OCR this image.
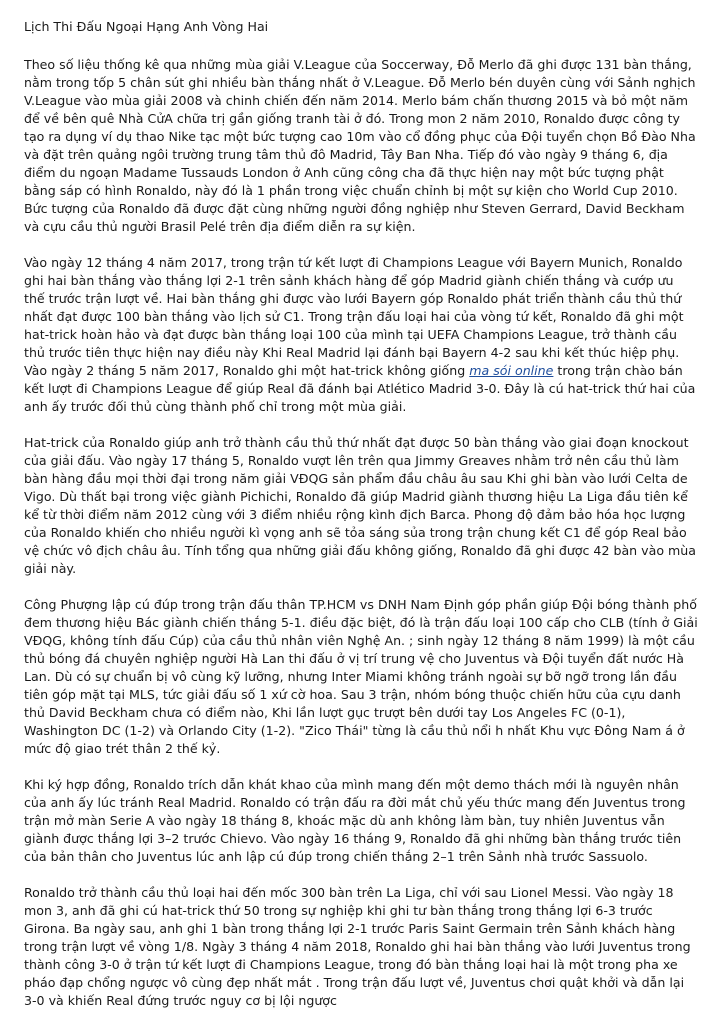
Lịch Thi Đấu Ngoại Hạng Anh Vòng Hai

Theo số liệu thống kê qua những mùa giải V.League của Soccerway, Đỗ Merlo đã ghi được 131 bàn thắng, nằm trong tốp 5 chân sút ghi nhiều bàn thắng nhất ở V.League. Đỗ Merlo bén duyên cùng với Sảnh nghịch V.League vào mùa giải 2008 và chinh chiến đến năm 2014. Merlo bám chấn thương 2015 và bỏ một năm để về bên quê Nhà CửA chữa trị gần giống tranh tài ở đó. Trong mon 2 năm 2010, Ronaldo được công ty tạo ra dụng ví dụ thao Nike tạc một bức tượng cao 10m vào cổ đồng phục của Đội tuyển chọn Bồ Đào Nha và đặt trên quảng ngôi trường trung tâm thủ đô Madrid, Tây Ban Nha. Tiếp đó vào ngày 9 tháng 6, địa điểm du ngoạn Madame Tussauds London ở Anh cũng công cha đã thực hiện nay một bức tượng phật bằng sáp có hình Ronaldo, này đó là 1 phần trong việc chuẩn chỉnh bị một sự kiện cho World Cup 2010. Bức tượng của Ronaldo đã được đặt cùng những người đồng nghiệp như Steven Gerrard, David Beckham và cựu cầu thủ người Brasil Pelé trên địa điểm diễn ra sự kiện.

Vào ngày 12 tháng 4 năm 2017, trong trận tứ kết lượt đi Champions League với Bayern Munich, Ronaldo ghi hai bàn thắng vào thắng lợi 2-1 trên sảnh khách hàng để góp Madrid giành chiến thắng và cướp ưu thế trước trận lượt về. Hai bàn thắng ghi được vào lưới Bayern góp Ronaldo phát triển thành cầu thủ thứ nhất đạt được 100 bàn thắng vào lịch sử C1. Trong trận đấu loại hai của vòng tứ kết, Ronaldo đã ghi một hat-trick hoàn hảo và đạt được bàn thắng loại 100 của mình tại UEFA Champions League, trở thành cầu thủ trước tiên thực hiện nay điều này Khi Real Madrid lại đánh bại Bayern 4-2 sau khi kết thúc hiệp phụ. Vào ngày 2 tháng 5 năm 2017, Ronaldo ghi một hat-trick không giống ma sói online trong trận chào bán kết lượt đi Champions League để giúp Real đã đánh bại Atlético Madrid 3-0. Đây là cú hat-trick thứ hai của anh ấy trước đối thủ cùng thành phố chỉ trong một mùa giải.

Hat-trick của Ronaldo giúp anh trở thành cầu thủ thứ nhất đạt được 50 bàn thắng vào giai đoạn knockout của giải đấu. Vào ngày 17 tháng 5, Ronaldo vượt lên trên qua Jimmy Greaves nhằm trở nên cầu thủ làm bàn hàng đầu mọi thời đại trong năm giải VĐQG sản phẩm đầu châu âu sau Khi ghi bàn vào lưới Celta de Vigo. Dù thất bại trong việc giành Pichichi, Ronaldo đã giúp Madrid giành thương hiệu La Liga đầu tiên kể kể từ thời điểm năm 2012 cùng với 3 điểm nhiều rộng kình địch Barca. Phong độ đảm bảo hóa học lượng của Ronaldo khiến cho nhiều người kì vọng anh sẽ tỏa sáng sủa trong trận chung kết C1 để góp Real bảo vệ chức vô địch châu âu. Tính tổng qua những giải đấu không giống, Ronaldo đã ghi được 42 bàn vào mùa giải này.

Công Phượng lập cú đúp trong trận đấu thân TP.HCM vs DNH Nam Định góp phần giúp Đội bóng thành phố đem thương hiệu Bác giành chiến thắng 5-1. điều đặc biệt, đó là trận đấu loại 100 cấp cho CLB (tính ở Giải VĐQG, không tính đấu Cúp) của cầu thủ nhân viên Nghệ An. ; sinh ngày 12 tháng 8 năm 1999) là một cầu thủ bóng đá chuyên nghiệp người Hà Lan thi đấu ở vị trí trung vệ cho Juventus và Đội tuyển đất nước Hà Lan. Dù có sự chuẩn bị vô cùng kỹ lưỡng, nhưng Inter Miami không tránh ngoài sự bỡ ngỡ trong lần đầu tiên góp mặt tại MLS, tức giải đấu số 1 xứ cờ hoa. Sau 3 trận, nhóm bóng thuộc chiến hữu của cựu danh thủ David Beckham chưa có điểm nào, Khi lần lượt gục trượt bên dưới tay Los Angeles FC (0-1), Washington DC (1-2) và Orlando City (1-2). "Zico Thái" từng là cầu thủ nổi h nhất Khu vực Đông Nam á ở mức độ giao trét thân 2 thế kỷ.

Khi ký hợp đồng, Ronaldo trích dẫn khát khao của mình mang đến một demo thách mới là nguyên nhân của anh ấy lúc tránh Real Madrid. Ronaldo có trận đấu ra đời mắt chủ yếu thức mang đến Juventus trong trận mở màn Serie A vào ngày 18 tháng 8, khoác mặc dù anh không làm bàn, tuy nhiên Juventus vẫn giành được thắng lợi 3–2 trước Chievo. Vào ngày 16 tháng 9, Ronaldo đã ghi những bàn thắng trước tiên của bản thân cho Juventus lúc anh lập cú đúp trong chiến thắng 2–1 trên Sảnh nhà trước Sassuolo.

Ronaldo trở thành cầu thủ loại hai đến mốc 300 bàn trên La Liga, chỉ với sau Lionel Messi. Vào ngày 18 mon 3, anh đã ghi cú hat-trick thứ 50 trong sự nghiệp khi ghi tư bàn thắng trong thắng lợi 6-3 trước Girona. Ba ngày sau, anh ghi 1 bàn trong thắng lợi 2-1 trước Paris Saint Germain trên Sảnh khách hàng trong trận lượt về vòng 1/8. Ngày 3 tháng 4 năm 2018, Ronaldo ghi hai bàn thắng vào lưới Juventus trong thành công 3-0 ở trận tứ kết lượt đi Champions League, trong đó bàn thắng loại hai là một trong pha xe pháo đạp chổng ngược vô cùng đẹp nhất mắt . Trong trận đấu lượt về, Juventus chơi quật khởi và dẫn lại 3-0 và khiến Real đứng trước nguy cơ bị lội ngược
